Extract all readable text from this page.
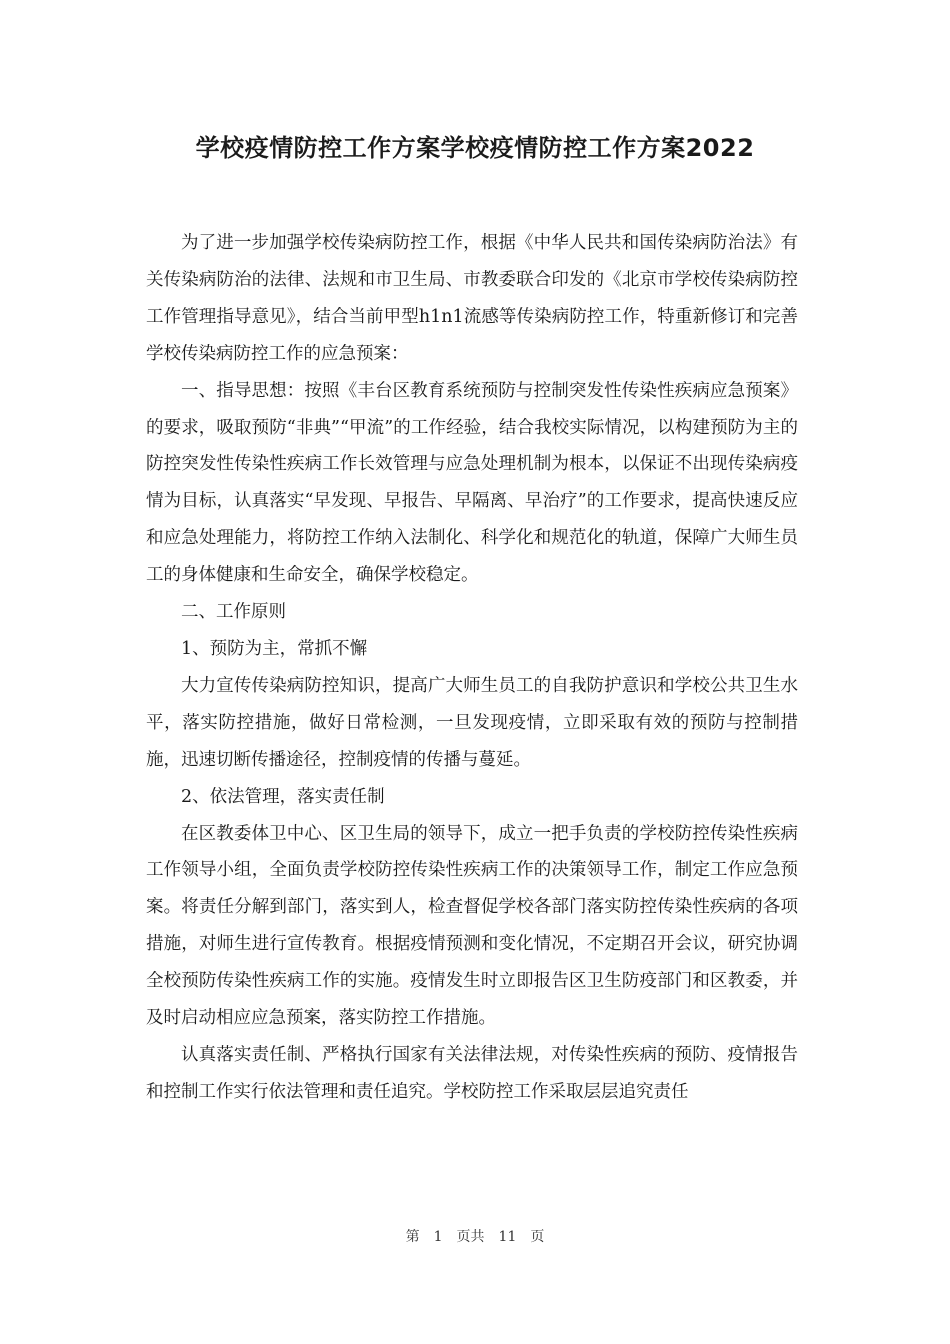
学校疫情防控工作方案学校疫情防控工作方案2022

为了进一步加强学校传染病防控工作，根据《中华人民共和国传染病防治法》有关传染病防治的法律、法规和市卫生局、市教委联合印发的《北京市学校传染病防控工作管理指导意见》，结合当前甲型h1n1流感等传染病防控工作，特重新修订和完善学校传染病防控工作的应急预案：

一、指导思想：按照《丰台区教育系统预防与控制突发性传染性疾病应急预案》的要求，吸取预防“非典”“甲流”的工作经验，结合我校实际情况，以构建预防为主的防控突发性传染性疾病工作长效管理与应急处理机制为根本，以保证不出现传染病疫情为目标，认真落实“早发现、早报告、早隔离、早治疗”的工作要求，提高快速反应和应急处理能力，将防控工作纳入法制化、科学化和规范化的轨道，保障广大师生员工的身体健康和生命安全，确保学校稳定。

二、工作原则

1、预防为主，常抓不懈

大力宣传传染病防控知识，提高广大师生员工的自我防护意识和学校公共卫生水平，落实防控措施，做好日常检测，一旦发现疫情，立即采取有效的预防与控制措施，迅速切断传播途径，控制疫情的传播与蔓延。

2、依法管理，落实责任制

在区教委体卫中心、区卫生局的领导下，成立一把手负责的学校防控传染性疾病工作领导小组，全面负责学校防控传染性疾病工作的决策领导工作，制定工作应急预案。将责任分解到部门，落实到人，检查督促学校各部门落实防控传染性疾病的各项措施，对师生进行宣传教育。根据疫情预测和变化情况，不定期召开会议，研究协调全校预防传染性疾病工作的实施。疫情发生时立即报告区卫生防疫部门和区教委，并及时启动相应应急预案，落实防控工作措施。

认真落实责任制、严格执行国家有关法律法规，对传染性疾病的预防、疫情报告和控制工作实行依法管理和责任追究。学校防控工作采取层层追究责任

第　1　页共　11　页
